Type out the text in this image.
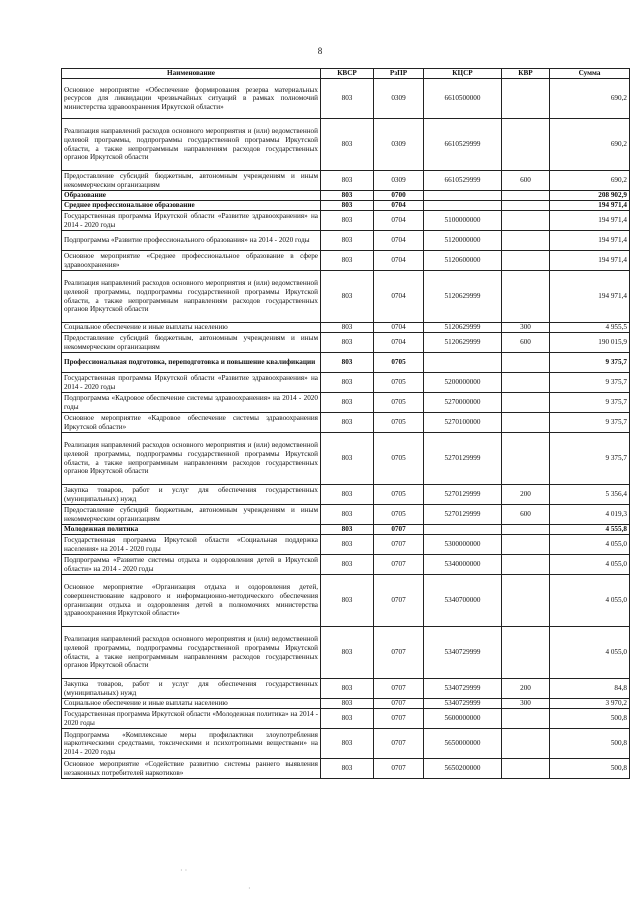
8
Наименование	КВСР	РзПР	КЦСР	КВР	Сумма
Основное мероприятие «Обеспечение формирования резерва материальных ресурсов для ликвидации чрезвычайных ситуаций в рамках полномочий министерства здравоохранения Иркутской области»	803	0309	6610500000		690,2
Реализация направлений расходов основного мероприятия и (или) ведомственной целевой программы, подпрограммы государственной программы Иркутской области, а также непрограммным направлениям расходов государственных органов Иркутской области	803	0309	6610529999		690,2
Предоставление субсидий бюджетным, автономным учреждениям и иным некоммерческим организациям	803	0309	6610529999	600	690,2
Образование	803	0700			208 902,9
Среднее профессиональное образование	803	0704			194 971,4
Государственная программа Иркутской области «Развитие здравоохранения» на 2014 - 2020 годы	803	0704	5100000000		194 971,4
Подпрограмма «Развитие профессионального образования» на 2014 - 2020 годы	803	0704	5120000000		194 971,4
Основное мероприятие «Среднее профессиональное образование в сфере здравоохранения»	803	0704	5120600000		194 971,4
Реализация направлений расходов основного мероприятия и (или) ведомственной целевой программы, подпрограммы государственной программы Иркутской области, а также непрограммным направлениям расходов государственных органов Иркутской области	803	0704	5120629999		194 971,4
Социальное обеспечение и иные выплаты населению	803	0704	5120629999	300	4 955,5
Предоставление субсидий бюджетным, автономным учреждениям и иным некоммерческим организациям	803	0704	5120629999	600	190 015,9
Профессиональная подготовка, переподготовка и повышение квалификации	803	0705			9 375,7
Государственная программа Иркутской области «Развитие здравоохранения» на 2014 - 2020 годы	803	0705	5200000000		9 375,7
Подпрограмма «Кадровое обеспечение системы здравоохранения» на 2014 - 2020 годы	803	0705	5270000000		9 375,7
Основное мероприятие «Кадровое обеспечение системы здравоохранения Иркутской области»	803	0705	5270100000		9 375,7
Реализация направлений расходов основного мероприятия и (или) ведомственной целевой программы, подпрограммы государственной программы Иркутской области, а также непрограммным направлениям расходов государственных органов Иркутской области	803	0705	5270129999		9 375,7
Закупка товаров, работ и услуг для обеспечения государственных (муниципальных) нужд	803	0705	5270129999	200	5 356,4
Предоставление субсидий бюджетным, автономным учреждениям и иным некоммерческим организациям	803	0705	5270129999	600	4 019,3
Молодежная политика	803	0707			4 555,8
Государственная программа Иркутской области «Социальная поддержка населения» на 2014 - 2020 годы	803	0707	5300000000		4 055,0
Подпрограмма «Развитие системы отдыха и оздоровления детей в Иркутской области» на 2014 - 2020 годы	803	0707	5340000000		4 055,0
Основное мероприятие «Организация отдыха и оздоровления детей, совершенствование кадрового и информационно-методического обеспечения организации отдыха и оздоровления детей в полномочиях министерства здравоохранения Иркутской области»	803	0707	5340700000		4 055,0
Реализация направлений расходов основного мероприятия и (или) ведомственной целевой программы, подпрограммы государственной программы Иркутской области, а также непрограммным направлениям расходов государственных органов Иркутской области	803	0707	5340729999		4 055,0
Закупка товаров, работ и услуг для обеспечения государственных (муниципальных) нужд	803	0707	5340729999	200	84,8
Социальное обеспечение и иные выплаты населению	803	0707	5340729999	300	3 970,2
Государственная программа Иркутской области «Молодежная политика» на 2014 - 2020 годы	803	0707	5600000000		500,8
Подпрограмма «Комплексные меры профилактики злоупотребления наркотическими средствами, токсическими и психотропными веществами» на 2014 - 2020 годы	803	0707	5650000000		500,8
Основное мероприятие «Содействие развитию системы раннего выявления незаконных потребителей наркотиков»	803	0707	5650200000		500,8
· ·
·
